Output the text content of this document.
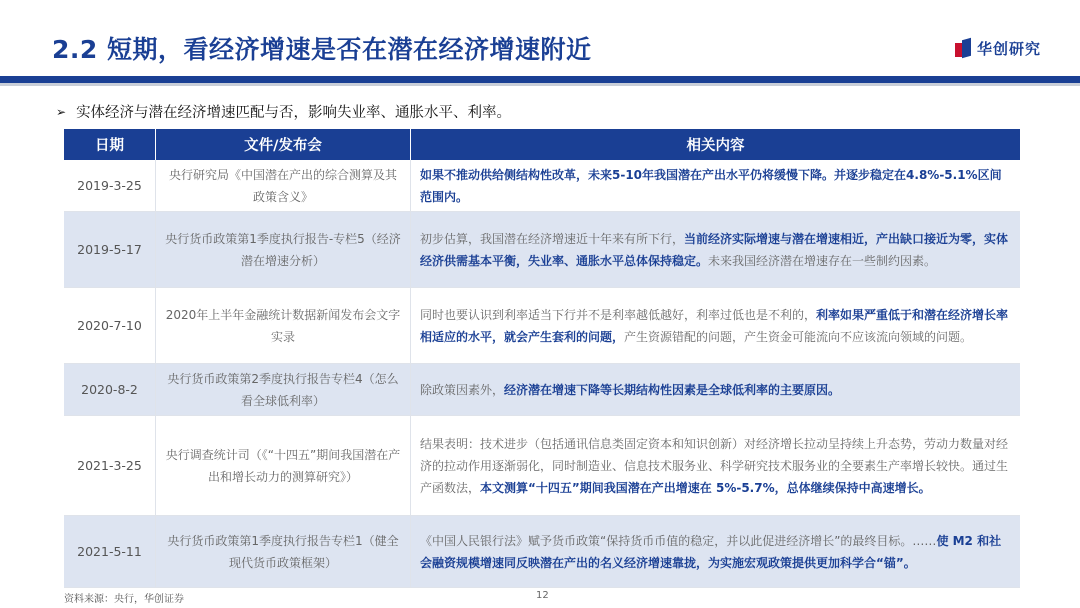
2.2 短期，看经济增速是否在潜在经济增速附近	华创研究
➢ 实体经济与潜在经济增速匹配与否，影响失业率、通胀水平、利率。
日期	文件/发布会	相关内容
2019-3-25	央行研究局《中国潜在产出的综合测算及其政策含义》	如果不推动供给侧结构性改革，未来5-10年我国潜在产出水平仍将缓慢下降。并逐步稳定在4.8%-5.1%区间范围内。
2019-5-17	央行货币政策第1季度执行报告-专栏5（经济潜在增速分析）	初步估算，我国潜在经济增速近十年来有所下行，当前经济实际增速与潜在增速相近，产出缺口接近为零，实体经济供需基本平衡，失业率、通胀水平总体保持稳定。未来我国经济潜在增速存在一些制约因素。
2020-7-10	2020年上半年金融统计数据新闻发布会文字实录	同时也要认识到利率适当下行并不是利率越低越好，利率过低也是不利的，利率如果严重低于和潜在经济增长率相适应的水平，就会产生套利的问题，产生资源错配的问题，产生资金可能流向不应该流向领域的问题。
2020-8-2	央行货币政策第2季度执行报告专栏4（怎么看全球低利率）	除政策因素外，经济潜在增速下降等长期结构性因素是全球低利率的主要原因。
2021-3-25	央行调查统计司（《“十四五”期间我国潜在产出和增长动力的测算研究》）	结果表明：技术进步（包括通讯信息类固定资本和知识创新）对经济增长拉动呈持续上升态势，劳动力数量对经济的拉动作用逐渐弱化，同时制造业、信息技术服务业、科学研究技术服务业的全要素生产率增长较快。通过生产函数法，本文测算“十四五”期间我国潜在产出增速在 5%-5.7%，总体继续保持中高速增长。
2021-5-11	央行货币政策第1季度执行报告专栏1（健全现代货币政策框架）	《中国人民银行法》赋予货币政策“保持货币币值的稳定，并以此促进经济增长”的最终目标。……使 M2 和社会融资规模增速同反映潜在产出的名义经济增速靠拢，为实施宏观政策提供更加科学合“锚”。
资料来源：央行，华创证券	12
